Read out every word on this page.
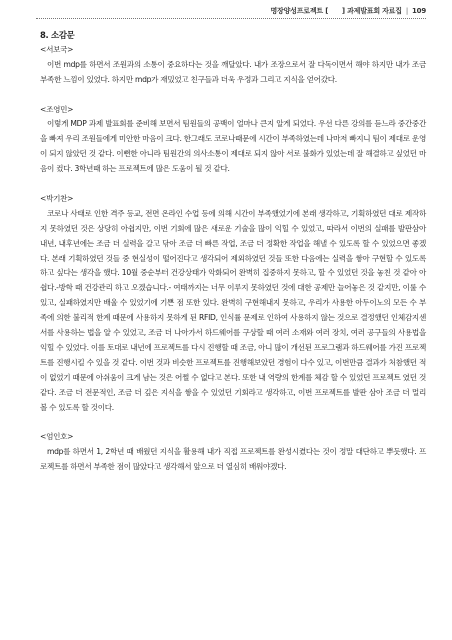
명장양성프로젝트 [　　] 과제발표회 자료집 | 109

8. 소감문

<서보국>

이번 mdp를 하면서 조원과의 소통이 중요하다는 것을 깨달았다. 내가 조장으로서 잘 다독이면서 해야 하지만 내가 조금 부족한 느낌이 있었다. 하지만 mdp가 재밌었고 친구들과 더욱 우정과 그리고 지식을 얻어갔다.

<조영민>

이렇게 MDP 과제 발표회를 준비해 보면서 팀원들의 공백이 얼마나 큰지 알게 되었다. 우선 다른 강의를 듣느라 중간중간을 빠져 우리 조원들에게 미안한 마음이 크다. 한그래도 코로나때문에 시간이 부족하였는데 나마저 빠지니 팀이 제대로 운영이 되지 않았던 것 같다. 이뻔한 아니라 팀원간의 의사소통이 제대로 되지 않아 서로 불화가 있었는데 잘 해결하고 싶었던 마음이 컸다. 3학년때 하는 프로젝트에 많은 도움이 될 것 같다.

<박기찬>

코로나 사태로 인한 격주 등교, 전면 온라인 수업 등에 의해 시간이 부족했었기에 본래 생각하고, 기획하였던 대로 제작하지 못하였던 것은 상당히 아쉽지만, 이번 기회에 많은 새로운 기술을 많이 익힐 수 있었고, 따라서 이번의 실패를 발판삼아 내년, 내후년에는 조금 더 실력을 갈고 닦아 조금 더 빠른 작업, 조금 더 정확한 작업을 해낼 수 있도록 할 수 있었으면 좋겠다. 본래 기획하였던 것들 중 현실성이 떨어진다고 생각되어 제외하였던 것들 또한 다음에는 실력을 쌓아 구현할 수 있도록 하고 싶다는 생각을 했다. 10월 중순부터 건강상태가 악화되어 완벽히 집중하지 못하고, 할 수 있었던 것을 놓친 것 같아 아쉽다.-방학 때 건강관리 하고 오겠습니다.- 여태까지는 너무 이루지 못하였던 것에 대한 공제만 늘어놓은 것 같지만, 이룰 수 있고, 실패하였지만 배울 수 있었기에 기쁜 점 또한 있다. 완벽히 구현해내지 못하고, 우리가 사용한 아두이노의 모든 수 부족에 의한 불리적 한계 때문에 사용하지 못하게 된 RFID, 인식률 문제로 인하여 사용하지 않는 것으로 결정했던 인체감지센서를 사용하는 법을 알 수 있었고, 조금 더 나아가서 하드웨어를 구상할 때 여러 소재와 여러 장치, 여러 공구들의 사용법을 익힐 수 있었다. 이를 토대로 내년에 프로젝트를 다시 진행할 때 조금, 아니 많이 개선된 프로그램과 하드웨어를 가진 프로젝트를 진행시킬 수 있을 것 같다. 이번 것과 비슷한 프로젝트를 진행해보았던 경험이 다수 있고, 이번만큼 결과가 처참했던 적이 없었기 때문에 아쉬움이 크게 남는 것은 어쩔 수 없다고 본다. 또한 내 역량의 한계를 체감 할 수 있었던 프로젝트 였던 것 같다. 조금 더 전문적인, 조금 더 깊은 지식을 쌓을 수 있었던 기회라고 생각하고, 이번 프로젝트를 발판 삼아 조금 더 멀리 볼 수 있도록 할 것이다.

<엄인호>

mdp를 하면서 1, 2학년 때 배웠던 지식을 활용해 내가 직접 프로젝트를 완성시켰다는 것이 정말 대단하고 뿌듯했다. 프로젝트를 하면서 부족한 점이 많았다고 생각해서 앞으로 더 열심히 배워야겠다.
